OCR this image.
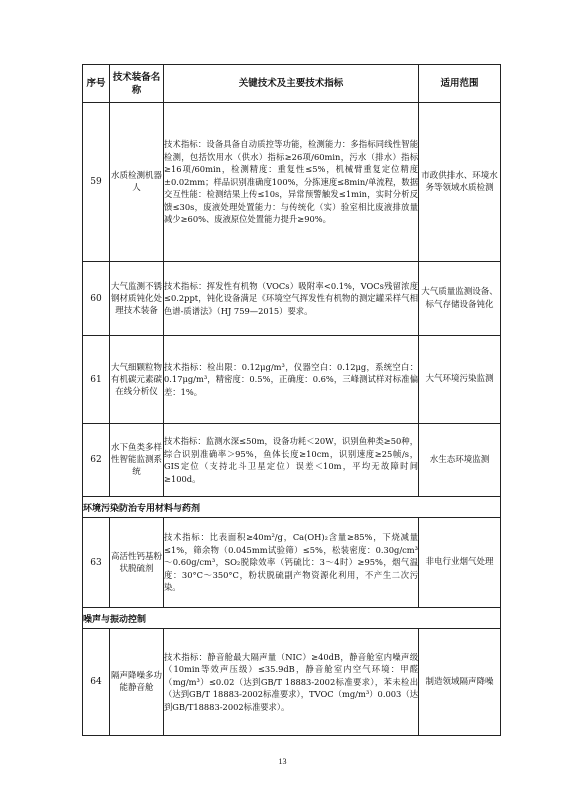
序号	技术装备名称	关键技术及主要技术指标	适用范围
59	水质检测机器人	技术指标：设备具备自动质控等功能，检测能力：多指标同线性智能检测，包括饮用水（供水）指标≥26项/60min，污水（排水）指标≥16项/60min，检测精度：重复性≤5%，机械臂重复定位精度±0.02mm；样品识别准确度100%，分拣速度≤8min/单流程，数据交互性能：检测结果上传≤10s，异常预警触发≤1min，实时分析反馈≤30s，废液处理处置能力：与传统化（实）验室相比废液排放量减少≥60%、废液原位处置能力提升≥90%。	市政供排水、环境水务等领域水质检测
60	大气监测不锈钢材质钝化处理技术装备	技术指标：挥发性有机物（VOCs）吸附率<0.1%，VOCs残留浓度≤0.2ppt，钝化设备满足《环境空气挥发性有机物的测定罐采样气相色谱-质谱法》（HJ 759—2015）要求。	大气质量监测设备、标气存储设备钝化
61	大气细颗粒物有机碳元素碳在线分析仪	技术指标：检出限：0.12μg/m³，仪器空白：0.12μg，系统空白：0.17μg/m³，精密度：0.5%，正确度：0.6%，三峰测试样对标准偏差：1%。	大气环境污染监测
62	水下鱼类多样性智能监测系统	技术指标：监测水深≤50m，设备功耗＜20W，识别鱼种类≥50种，综合识别准确率＞95%，鱼体长度≥10cm，识别速度≥25帧/s，GIS定位（支持北斗卫星定位）误差＜10m，平均无故障时间≥100d。	水生态环境监测
环境污染防治专用材料与药剂			
63	高活性钙基粉状脱硫剂	技术指标：比表面积≥40m²/g，Ca(OH)₂含量≥85%，下烧减量≤1%，筛余物（0.045mm试验筛）≤5%，松装密度：0.30g/cm³～0.60g/cm³，SO₂脱除效率（钙硫比：3～4时）≥95%，烟气温度：30°C～350°C，粉状脱硫副产物资源化利用，不产生二次污染。	非电行业烟气处理
噪声与振动控制			
64	隔声降噪多功能静音舱	技术指标：静音舱最大隔声量（NIC）≥40dB，静音舱室内噪声级（10min等效声压级）≤35.9dB，静音舱室内空气环境：甲醛（mg/m³）≤0.02（达到GB/T 18883-2002标准要求），苯未检出（达到GB/T 18883-2002标准要求），TVOC（mg/m³）0.003（达到GB/T18883-2002标准要求）。	制造领域隔声降噪
13
